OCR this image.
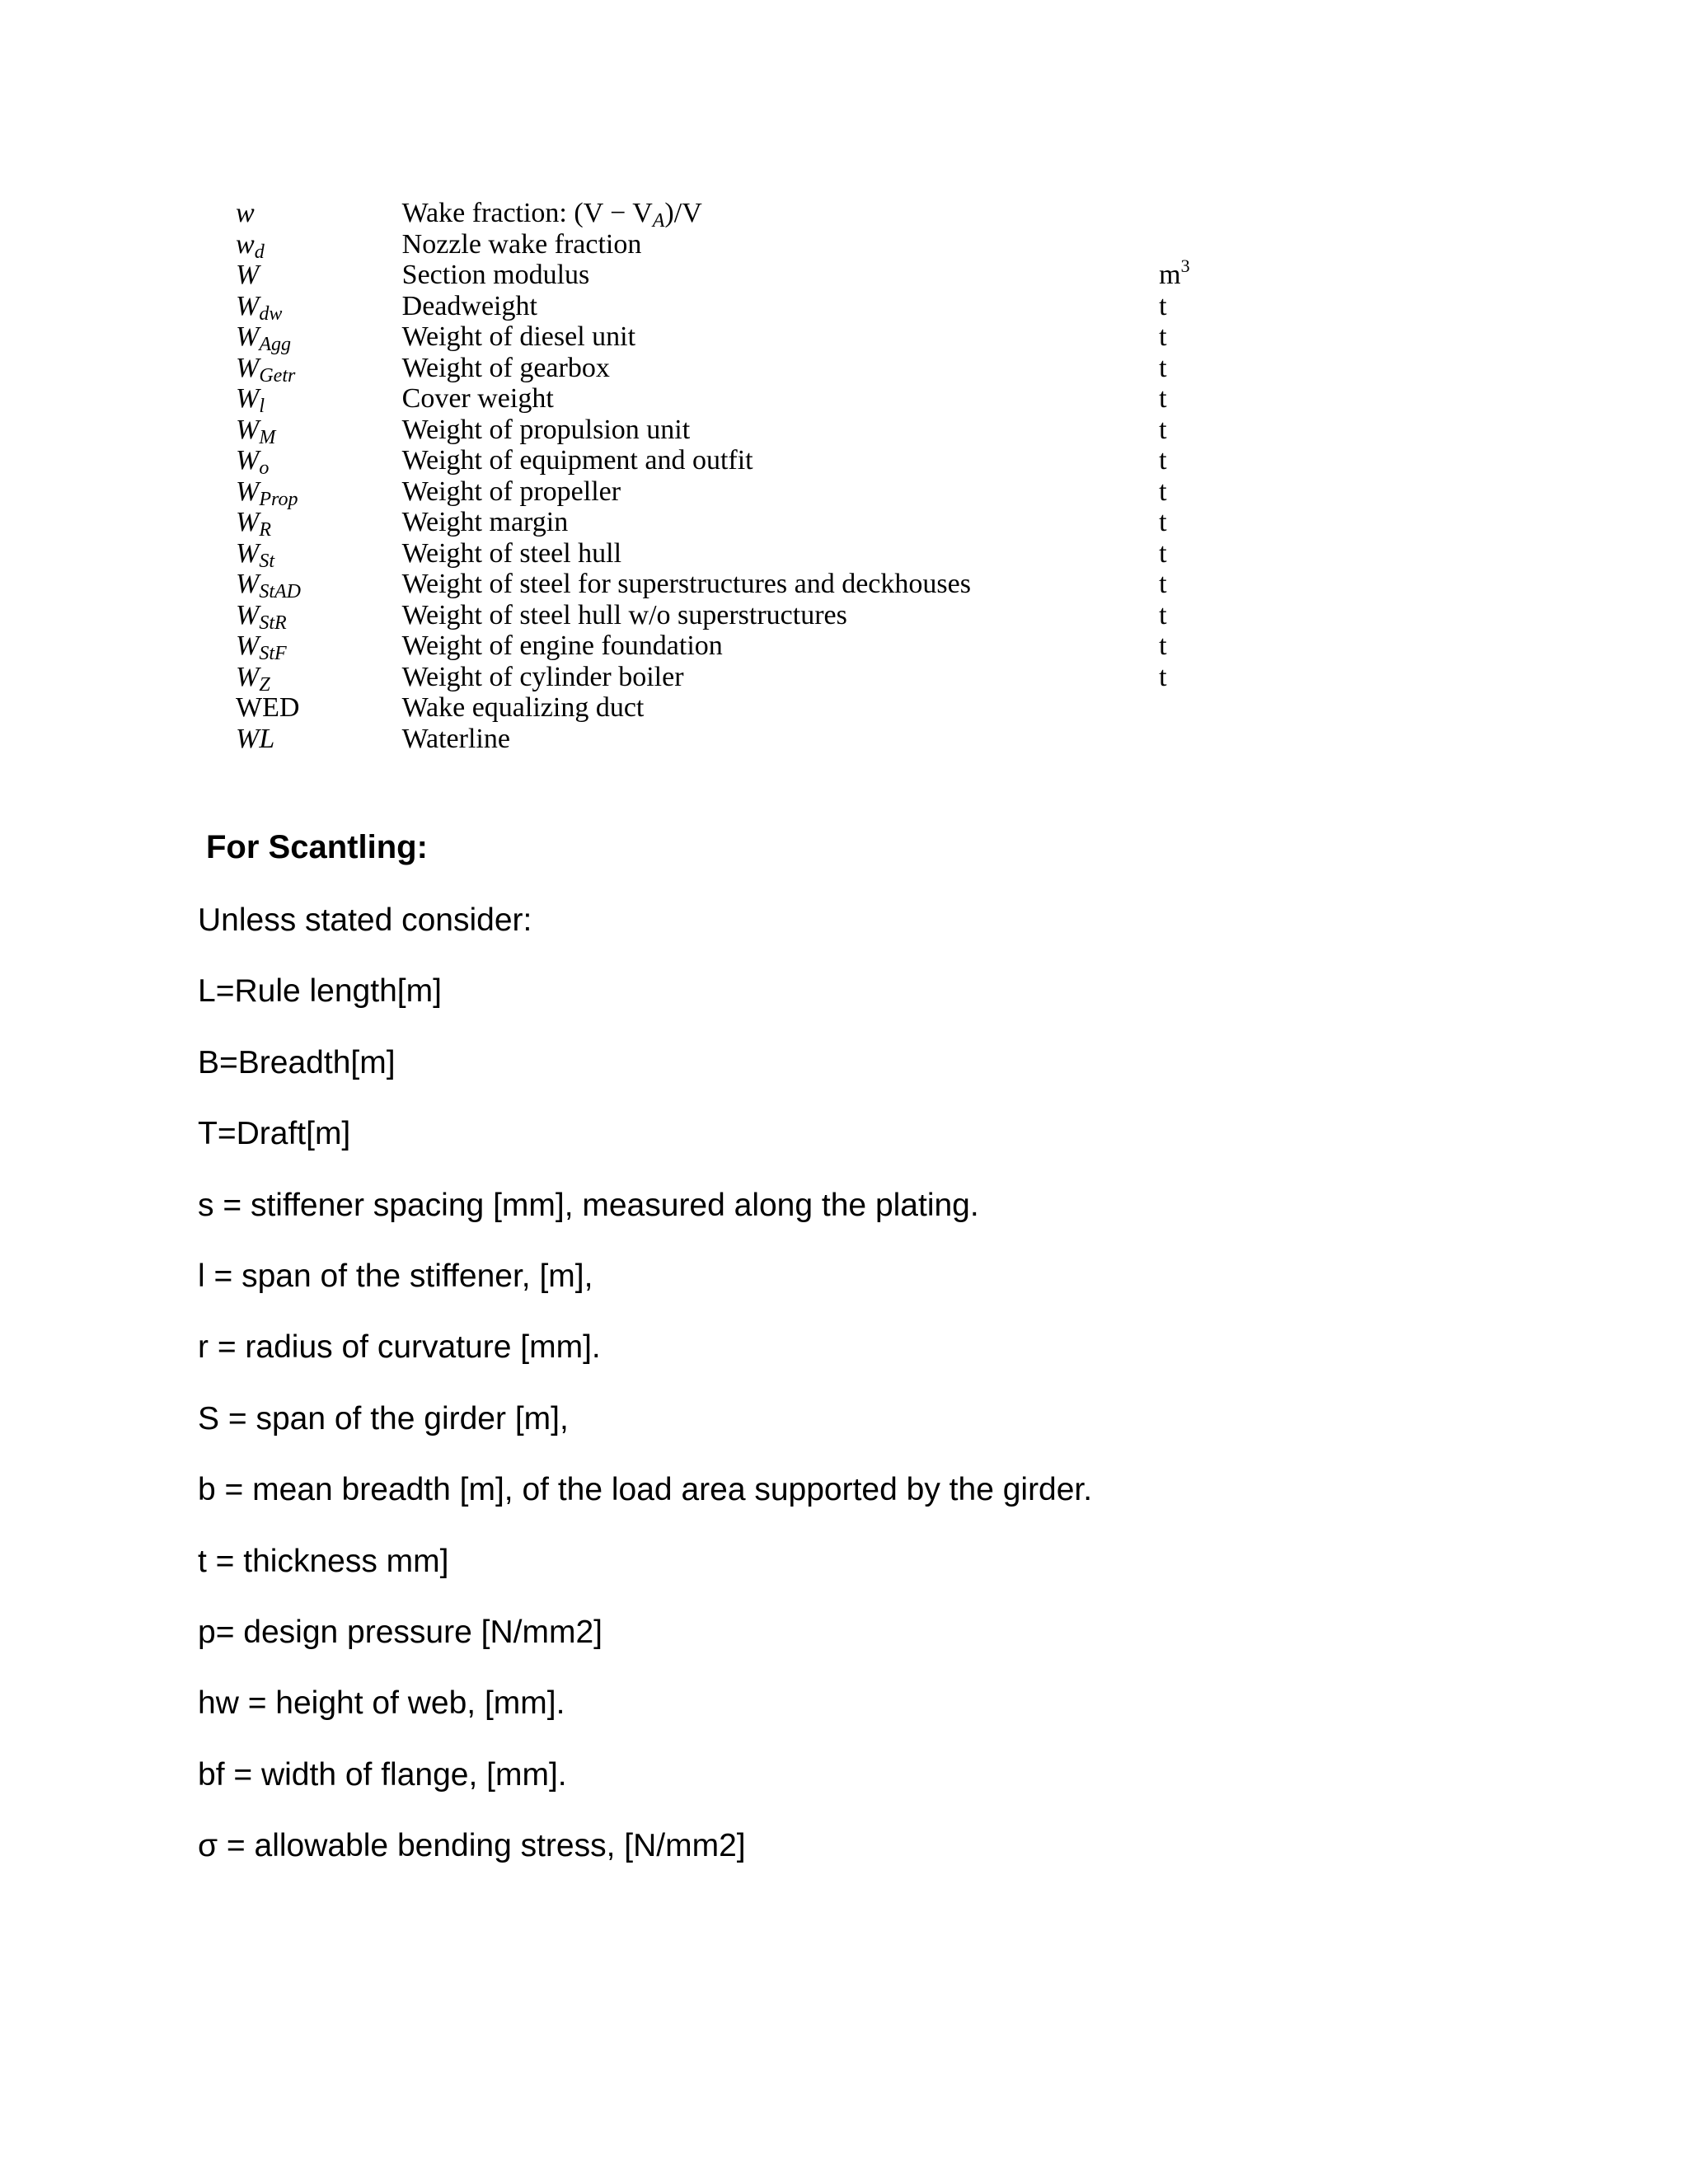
w	Wake fraction: $(V - V_A)/V$
$w_d$	Nozzle wake fraction
W	Section modulus	$m^3$
$W_{dw}$	Deadweight	t
$W_{Agg}$	Weight of diesel unit	t
$W_{Getr}$	Weight of gearbox	t
$W_l$	Cover weight	t
$W_M$	Weight of propulsion unit	t
$W_o$	Weight of equipment and outfit	t
$W_{Prop}$	Weight of propeller	t
$W_R$	Weight margin	t
$W_{St}$	Weight of steel hull	t
$W_{StAD}$	Weight of steel for superstructures and deckhouses	t
$W_{StR}$	Weight of steel hull w/o superstructures	t
$W_{StF}$	Weight of engine foundation	t
$W_Z$	Weight of cylinder boiler	t
WED	Wake equalizing duct
WL	Waterline
For Scantling:

Unless stated consider:

L=Rule length[m]

B=Breadth[m]

T=Draft[m]

s = stiffener spacing [mm], measured along the plating.

l = span of the stiffener, [m],

r = radius of curvature [mm].

S = span of the girder [m],

b = mean breadth [m], of the load area supported by the girder.

t = thickness mm]

p= design pressure [N/mm2]

hw = height of web, [mm].

bf = width of flange, [mm].

σ = allowable bending stress, [N/mm2]
